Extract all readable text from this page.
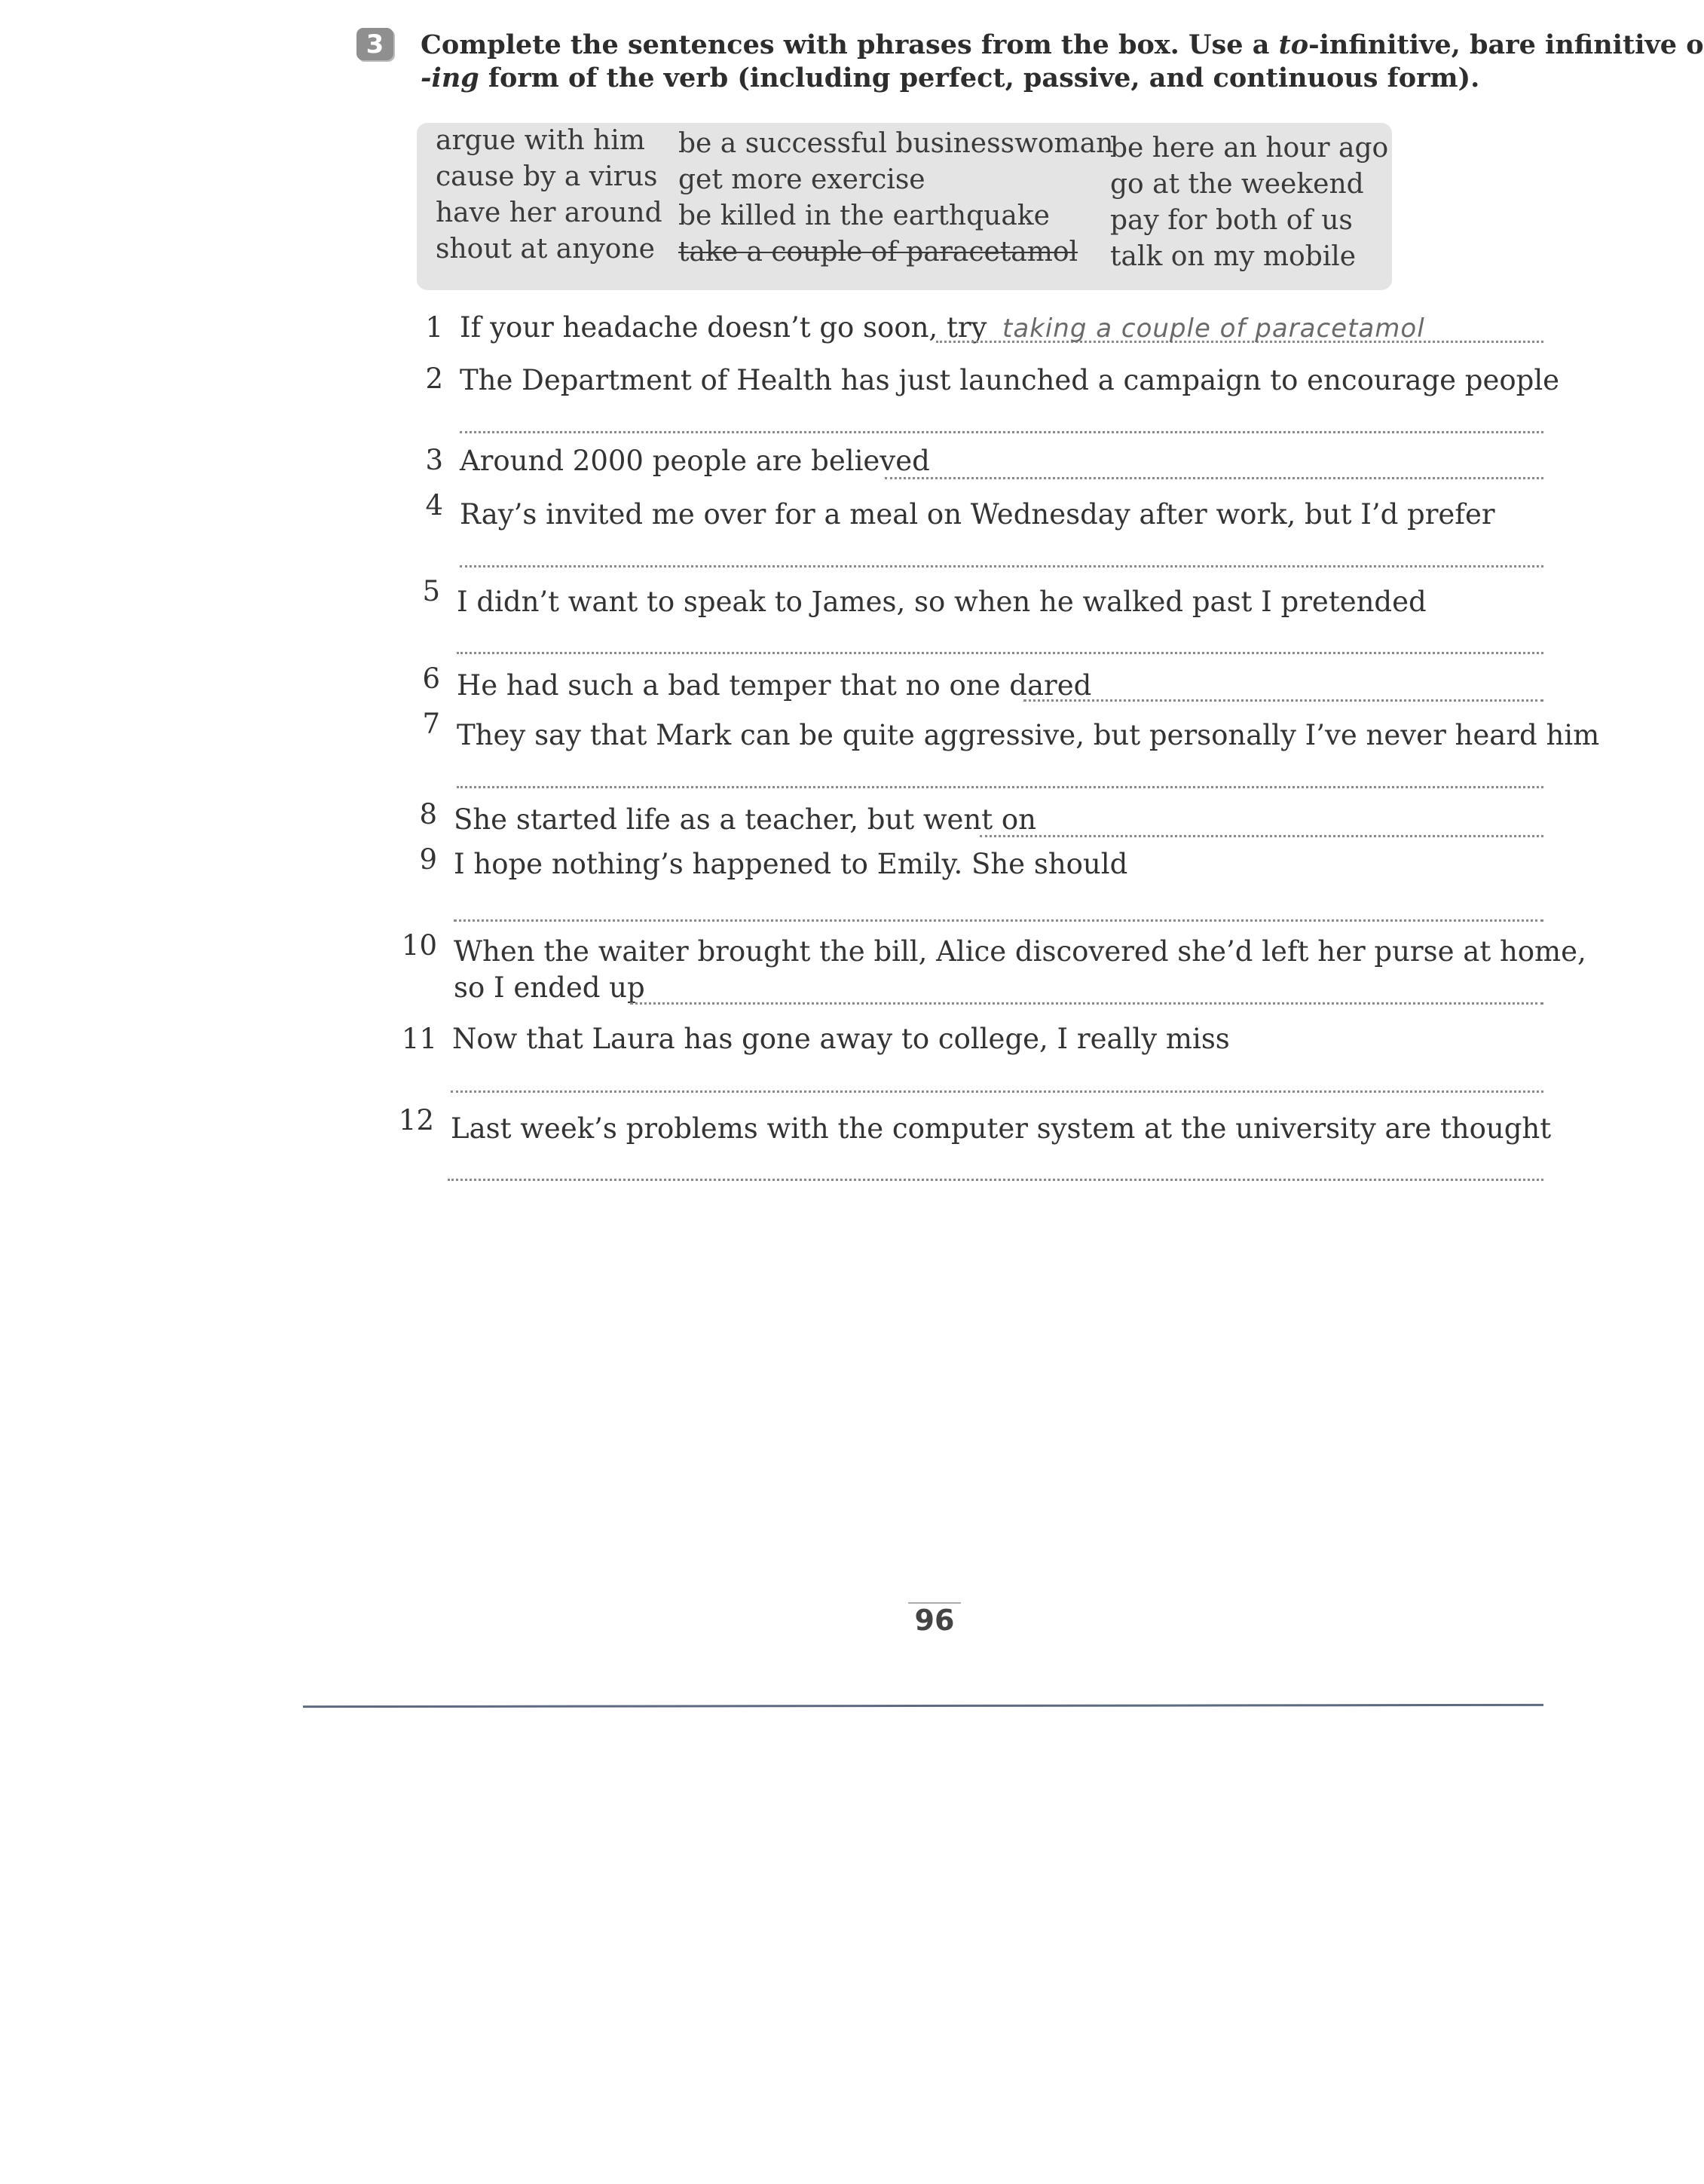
3	Complete the sentences with phrases from the box. Use a to-infinitive, bare infinitive o
-ing form of the verb (including perfect, passive, and continuous form).
argue with him
cause by a virus
have her around
shout at anyone
be a successful businesswoman
get more exercise
be killed in the earthquake
take a couple of paracetamol
be here an hour ago
go at the weekend
pay for both of us
talk on my mobile
1 If your headache doesn’t go soon, try taking a couple of paracetamol
2 The Department of Health has just launched a campaign to encourage people
3 Around 2000 people are believed
4 Ray’s invited me over for a meal on Wednesday after work, but I’d prefer
5 I didn’t want to speak to James, so when he walked past I pretended
6 He had such a bad temper that no one dared
7 They say that Mark can be quite aggressive, but personally I’ve never heard him
8 She started life as a teacher, but went on
9 I hope nothing’s happened to Emily. She should
10 When the waiter brought the bill, Alice discovered she’d left her purse at home,
so I ended up
11 Now that Laura has gone away to college, I really miss
12 Last week’s problems with the computer system at the university are thought
96
